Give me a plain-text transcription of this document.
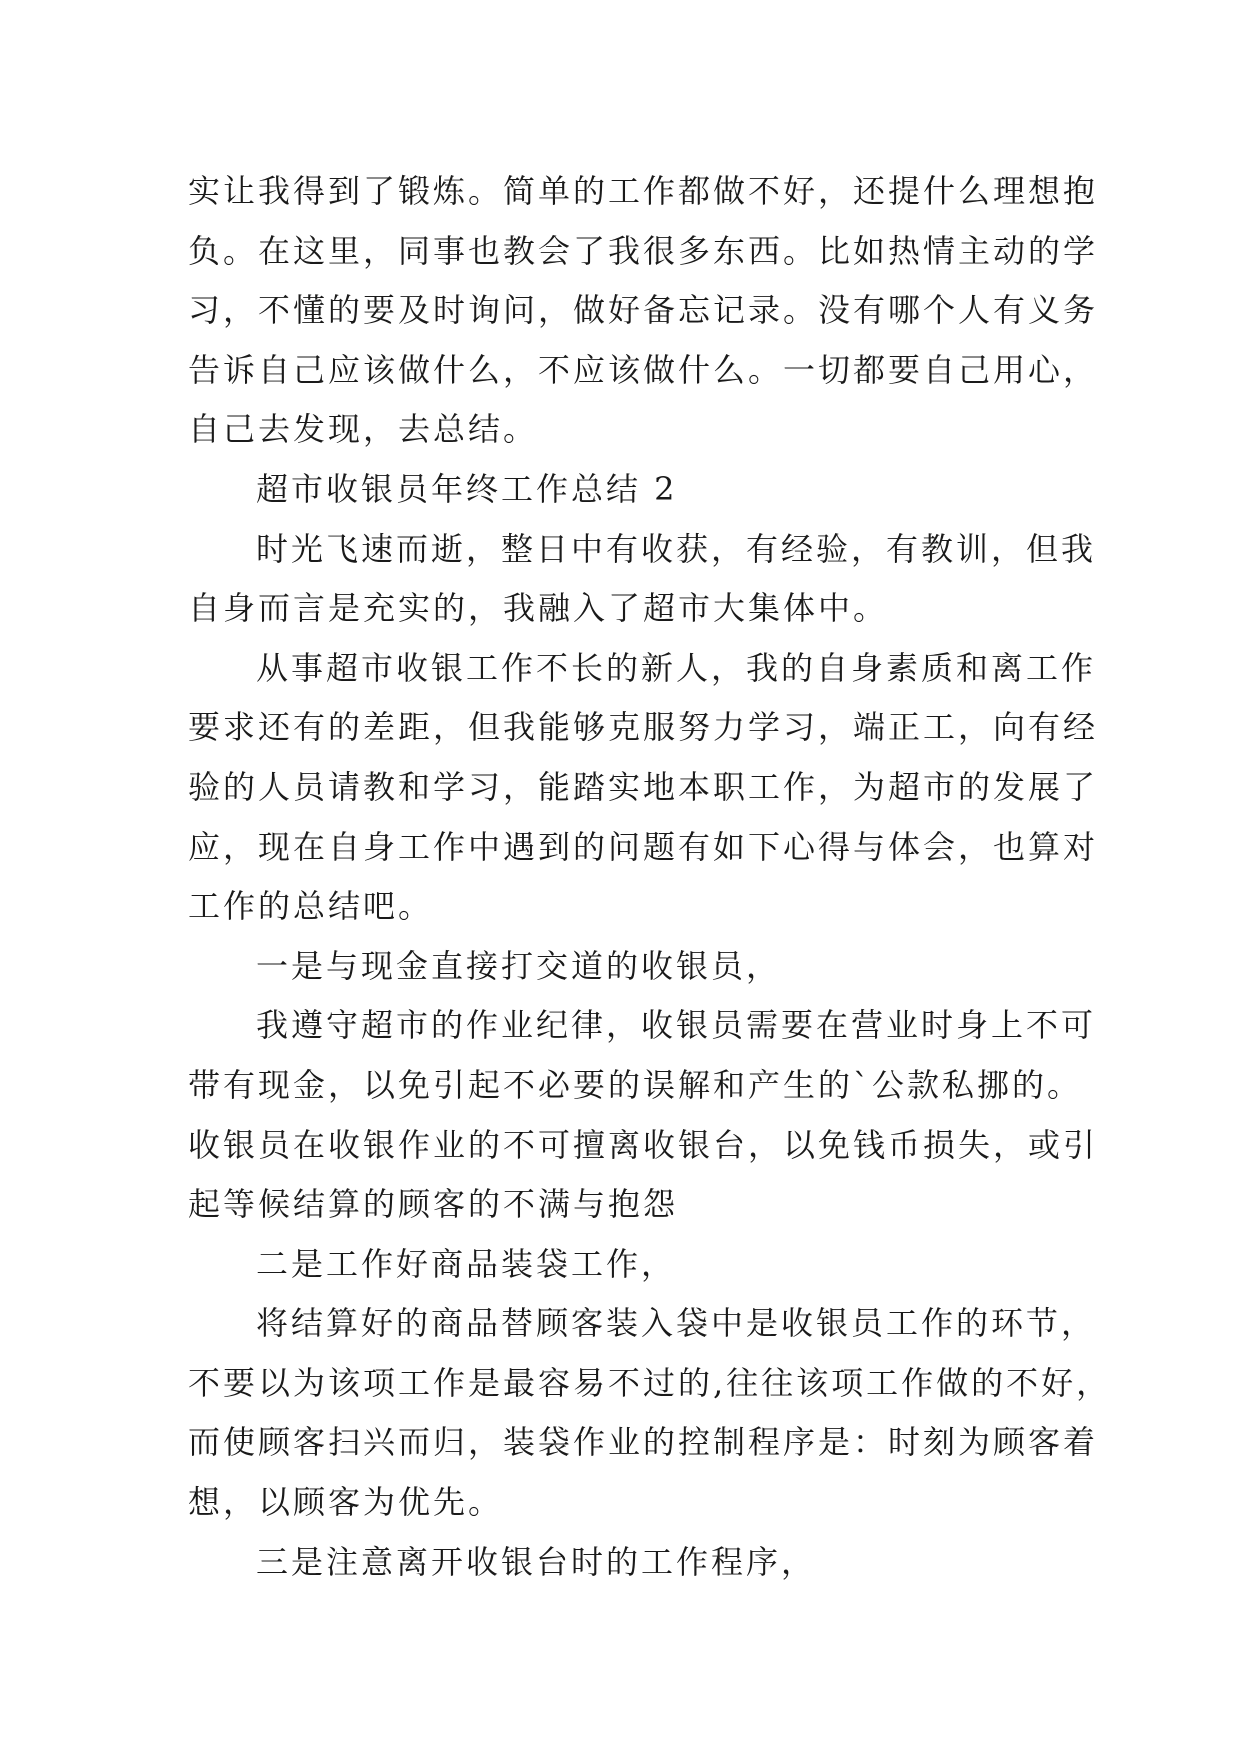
实让我得到了锻炼。简单的工作都做不好，还提什么理想抱
负。在这里，同事也教会了我很多东西。比如热情主动的学
习，不懂的要及时询问，做好备忘记录。没有哪个人有义务
告诉自己应该做什么，不应该做什么。一切都要自己用心，
自己去发现，去总结。
超市收银员年终工作总结 2
时光飞速而逝，整日中有收获，有经验，有教训，但我
自身而言是充实的，我融入了超市大集体中。
从事超市收银工作不长的新人，我的自身素质和离工作
要求还有的差距，但我能够克服努力学习，端正工，向有经
验的人员请教和学习，能踏实地本职工作，为超市的发展了
应，现在自身工作中遇到的问题有如下心得与体会，也算对
工作的总结吧。
一是与现金直接打交道的收银员，
我遵守超市的作业纪律，收银员需要在营业时身上不可
带有现金，以免引起不必要的误解和产生的`公款私挪的。
收银员在收银作业的不可擅离收银台，以免钱币损失，或引
起等候结算的顾客的不满与抱怨
二是工作好商品装袋工作，
将结算好的商品替顾客装入袋中是收银员工作的环节，
不要以为该项工作是最容易不过的,往往该项工作做的不好，
而使顾客扫兴而归，装袋作业的控制程序是：时刻为顾客着
想，以顾客为优先。
三是注意离开收银台时的工作程序，
